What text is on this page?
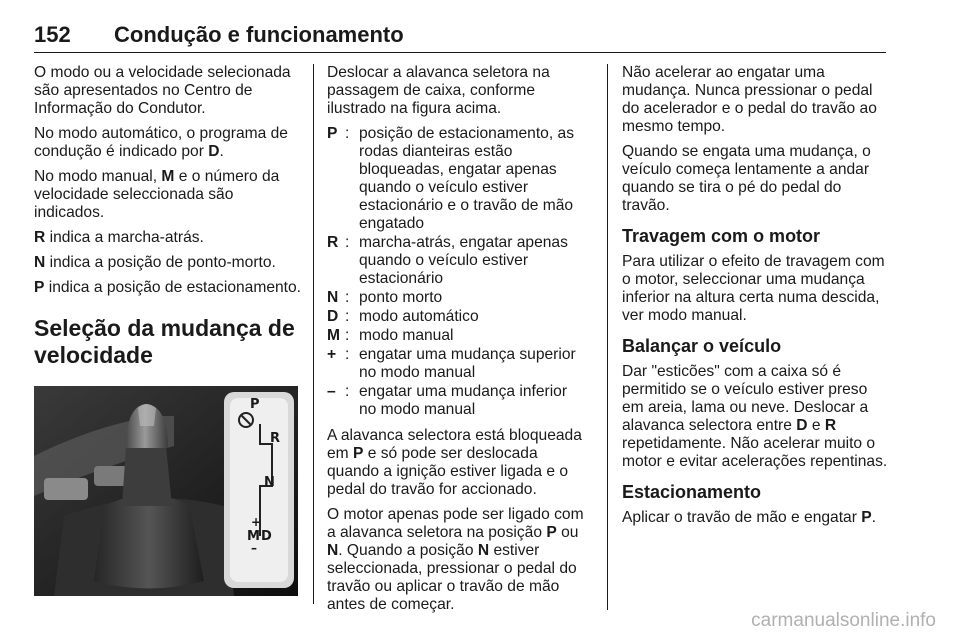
152 Condução e funcionamento

O modo ou a velocidade selecionada são apresentados no Centro de Informação do Condutor.

No modo automático, o programa de condução é indicado por D.

No modo manual, M e o número da velocidade seleccionada são indicados.

R indica a marcha-atrás.

N indica a posição de ponto-morto.

P indica a posição de estacionamento.

Seleção da mudança de velocidade
P
R
N
+
M D
–

Deslocar a alavanca seletora na passagem de caixa, conforme ilustrado na figura acima.

P : posição de estacionamento, as rodas dianteiras estão bloqueadas, engatar apenas quando o veículo estiver estacionário e o travão de mão engatado
R : marcha-atrás, engatar apenas quando o veículo estiver estacionário
N : ponto morto
D : modo automático
M : modo manual
+ : engatar uma mudança superior no modo manual
– : engatar uma mudança inferior no modo manual

A alavanca selectora está bloqueada em P e só pode ser deslocada quando a ignição estiver ligada e o pedal do travão for accionado.

O motor apenas pode ser ligado com a alavanca seletora na posição P ou N. Quando a posição N estiver seleccionada, pressionar o pedal do travão ou aplicar o travão de mão antes de começar.

Não acelerar ao engatar uma mudança. Nunca pressionar o pedal do acelerador e o pedal do travão ao mesmo tempo.

Quando se engata uma mudança, o veículo começa lentamente a andar quando se tira o pé do pedal do travão.

Travagem com o motor

Para utilizar o efeito de travagem com o motor, seleccionar uma mudança inferior na altura certa numa descida, ver modo manual.

Balançar o veículo

Dar "esticões" com a caixa só é permitido se o veículo estiver preso em areia, lama ou neve. Deslocar a alavanca selectora entre D e R repetidamente. Não acelerar muito o motor e evitar acelerações repentinas.

Estacionamento

Aplicar o travão de mão e engatar P.

carmanualsonline.info
